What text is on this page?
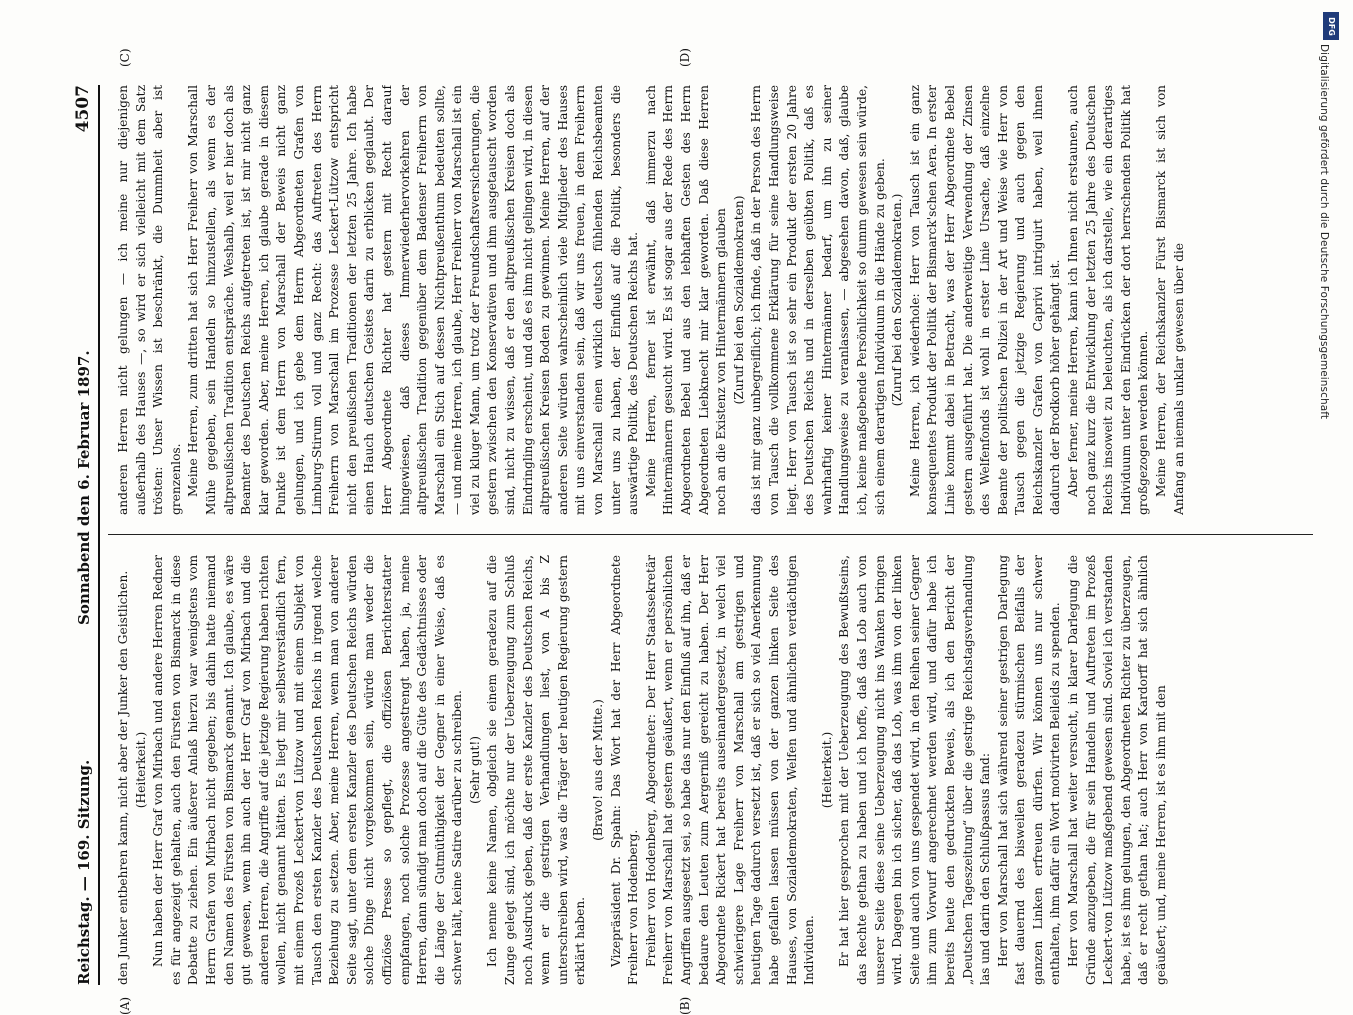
Reichstag. — 169. Sitzung.
Sonnabend den 6. Februar 1897.
4507
(A)	(B)
(C)	(D)

den Junker entbehren kann, nicht aber der Junker den Geistlichen. (Heiterkeit.) Nun haben der Herr Graf von Mirbach und andere Herren Redner es für angezeigt gehalten, auch den Fürsten von Bismarck in diese Debatte zu ziehen. Ein äußerer Anlaß hierzu war wenigstens vom Herrn Grafen von Mirbach nicht gegeben; bis dahin hatte niemand den Namen des Fürsten von Bismarck genannt. Ich glaube, es wäre gut gewesen, wenn ihn auch der Herr Graf von Mirbach und die anderen Herren, die Angriffe auf die jetzige Regierung haben richten wollen, nicht genannt hätten. Es liegt mir selbstverständlich fern, mit einem Prozeß Leckert-von Lützow und mit einem Subjekt von Tausch den ersten Kanzler des Deutschen Reichs in irgend welche Beziehung zu setzen. Aber, meine Herren, wenn man von anderer Seite sagt, unter dem ersten Kanzler des Deutschen Reichs würden solche Dinge nicht vorgekommen sein, würde man weder die offiziöse Presse so gepflegt, die offiziösen Berichterstatter empfangen, noch solche Prozesse angestrengt haben, ja, meine Herren, dann sündigt man doch auf die Güte des Gedächtnisses oder die Länge der Gutmüthigkeit der Gegner in einer Weise, daß es schwer hält, keine Satire darüber zu schreiben. (Sehr gut!) Ich nenne keine Namen, obgleich sie einem geradezu auf die Zunge gelegt sind, ich möchte nur der Ueberzeugung zum Schluß noch Ausdruck geben, daß der erste Kanzler des Deutschen Reichs, wenn er die gestrigen Verhandlungen liest, von A bis Z unterschreiben wird, was die Träger der heutigen Regierung gestern erklärt haben.

(Bravo! aus der Mitte.) Vizepräsident Dr. Spahn: Das Wort hat der Herr Abgeordnete Freiherr von Hodenberg. Freiherr von Hodenberg, Abgeordneter: Der Herr Staatssekretär Freiherr von Marschall hat gestern geäußert, wenn er persönlichen Angriffen ausgesetzt sei, so habe das nur den Einfluß auf ihn, daß er bedaure den Leuten zum Aergerniß gereicht zu haben. Der Herr Abgeordnete Rickert hat bereits auseinandergesetzt, in welch viel schwierigere Lage Freiherr von Marschall am gestrigen und heutigen Tage dadurch versetzt ist, daß er sich so viel Anerkennung habe gefallen lassen müssen von der ganzen linken Seite des Hauses, von Sozialdemokraten, Welfen und ähnlichen verdächtigen Individuen.

(Heiterkeit.) Er hat hier gesprochen mit der Ueberzeugung des Bewußtseins, das Rechte gethan zu haben und ich hoffe, daß das Lob auch von unserer Seite diese seine Ueberzeugung nicht ins Wanken bringen wird. Dagegen bin ich sicher, daß das Lob, was ihm von der linken Seite und auch von uns gespendet wird, in den Reihen seiner Gegner ihm zum Vorwurf angerechnet werden wird, und dafür habe ich bereits heute den gedruckten Beweis, als ich den Bericht der „Deutschen Tageszeitung“ über die gestrige Reichstagsverhandlung las und darin den Schlußpassus fand: Herr von Marschall hat sich während seiner gestrigen Darlegung fast dauernd des bisweilen geradezu stürmischen Beifalls der ganzen Linken erfreuen dürfen. Wir können uns nur schwer enthalten, ihm dafür ein Wort motivirten Beileids zu spenden. Herr von Marschall hat weiter versucht, in klarer Darlegung die Gründe anzugeben, die für sein Handeln und Auftreten im Prozeß Leckert-von Lützow maßgebend gewesen sind. Soviel ich verstanden habe, ist es ihm gelungen, den Abgeordneten Richter zu überzeugen, daß er recht gethan hat; auch Herr von Kardorff hat sich ähnlich geäußert; und, meine Herren, ist es ihm mit den

anderen Herren nicht gelungen — ich meine nur diejenigen außerhalb des Hauses —, so wird er sich vielleicht mit dem Satz trösten: Unser Wissen ist beschränkt, die Dummheit aber ist grenzenlos. Meine Herren, zum dritten hat sich Herr Freiherr von Marschall Mühe gegeben, sein Handeln so hinzustellen, als wenn es der altpreußischen Tradition entspräche. Weshalb, weil er hier doch als Beamter des Deutschen Reichs aufgetreten ist, ist mir nicht ganz klar geworden. Aber, meine Herren, ich glaube gerade in diesem Punkte ist dem Herrn von Marschall der Beweis nicht ganz gelungen, und ich gebe dem Herrn Abgeordneten Grafen von Limburg-Stirum voll und ganz Recht: das Auftreten des Herrn Freiherrn von Marschall im Prozesse Leckert-Lützow entspricht nicht den preußischen Traditionen der letzten 25 Jahre. Ich habe einen Hauch deutschen Geistes darin zu erblicken geglaubt. Der Herr Abgeordnete Richter hat gestern mit Recht darauf hingewiesen, daß dieses Immerwiederhervorkehren der altpreußischen Tradition gegenüber dem Badenser Freiherrn von Marschall ein Stich auf dessen Nichtpreußenthum bedeuten sollte, — und meine Herren, ich glaube, Herr Freiherr von Marschall ist ein viel zu kluger Mann, um trotz der Freundschaftsversicherungen, die gestern zwischen den Konservativen und ihm ausgetauscht worden sind, nicht zu wissen, daß er den altpreußischen Kreisen doch als Eindringling erscheint, und daß es ihm nicht gelingen wird, in diesen altpreußischen Kreisen Boden zu gewinnen. Meine Herren, auf der anderen Seite würden wahrscheinlich viele Mitglieder des Hauses mit uns einverstanden sein, daß wir uns freuen, in dem Freiherrn von Marschall einen wirklich deutsch fühlenden Reichsbeamten unter uns zu haben, der Einfluß auf die Politik, besonders die auswärtige Politik, des Deutschen Reichs hat. Meine Herren, ferner ist erwähnt, daß immerzu nach Hintermännern gesucht wird. Es ist sogar aus der Rede des Herrn Abgeordneten Bebel und aus den lebhaften Gesten des Herrn Abgeordneten Liebknecht mir klar geworden. Daß diese Herren noch an die Existenz von Hintermännern glauben (Zuruf bei den Sozialdemokraten) das ist mir ganz unbegreiflich; ich finde, daß in der Person des Herrn von Tausch die vollkommene Erklärung für seine Handlungsweise liegt. Herr von Tausch ist so sehr ein Produkt der ersten 20 Jahre des Deutschen Reichs und in derselben geübten Politik, daß es wahrhaftig keiner Hintermänner bedarf, um ihn zu seiner Handlungsweise zu veranlassen, — abgesehen davon, daß, glaube ich, keine maßgebende Persönlichkeit so dumm gewesen sein würde, sich einem derartigen Individuum in die Hände zu geben. (Zuruf bei den Sozialdemokraten.) Meine Herren, ich wiederhole: Herr von Tausch ist ein ganz konsequentes Produkt der Politik der Bismarck'schen Aera. In erster Linie kommt dabei in Betracht, was der Herr Abgeordnete Bebel gestern ausgeführt hat. Die anderweitige Verwendung der Zinsen des Welfenfonds ist wohl in erster Linie Ursache, daß einzelne Beamte der politischen Polizei in der Art und Weise wie Herr von Tausch gegen die jetzige Regierung und auch gegen den Reichskanzler Grafen von Caprivi intriguirt haben, weil ihnen dadurch der Brodkorb höher gehängt ist. Aber ferner, meine Herren, kann ich Ihnen nicht erstaunen, auch noch ganz kurz die Entwicklung der letzten 25 Jahre des Deutschen Reichs insoweit zu beleuchten, als ich darstelle, wie ein derartiges Individuum unter den Eindrücken der dort herrschenden Politik hat großgezogen werden können. Meine Herren, der Reichskanzler Fürst Bismarck ist sich von Anfang an niemals unklar gewesen über die

DFG
Digitalisierung gefördert durch die Deutsche Forschungsgemeinschaft
